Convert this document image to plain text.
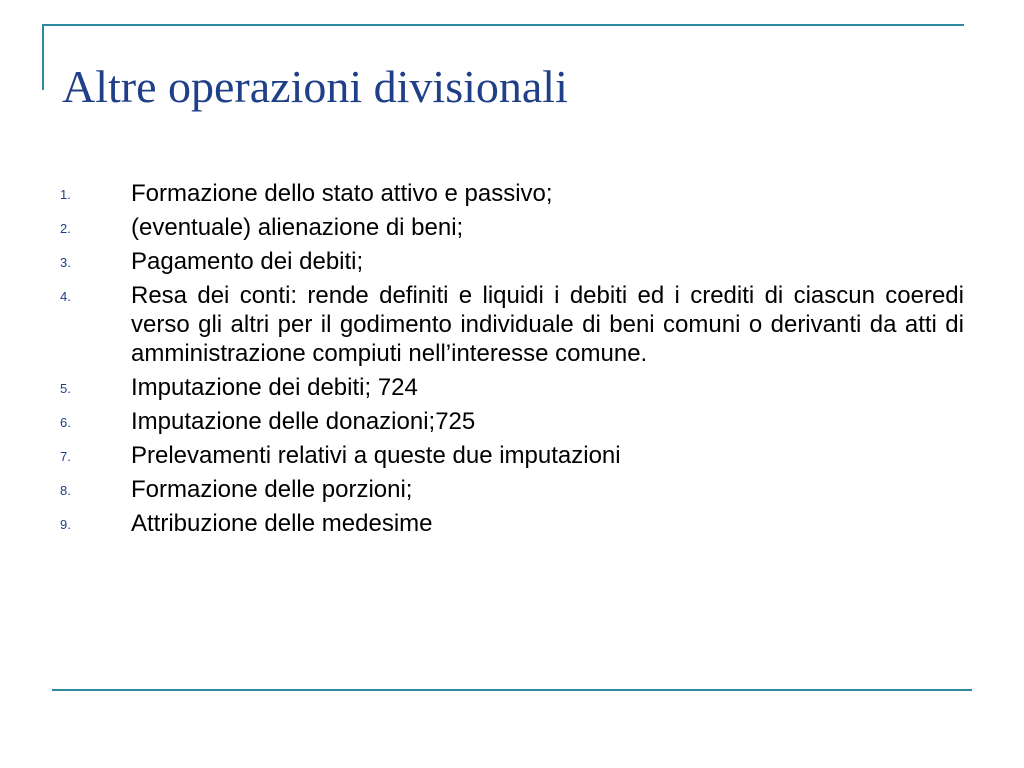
Altre operazioni divisionali
1.	Formazione dello stato attivo e passivo;
2.	(eventuale) alienazione di beni;
3.	Pagamento dei debiti;
4.	Resa dei conti: rende definiti e liquidi i debiti ed i crediti di ciascun coeredi verso gli altri per il godimento individuale di beni comuni o derivanti da atti di amministrazione compiuti nell’interesse comune.
5.	Imputazione dei debiti; 724
6.	Imputazione delle donazioni;725
7.	Prelevamenti relativi a queste due imputazioni
8.	Formazione delle porzioni;
9.	Attribuzione delle medesime
